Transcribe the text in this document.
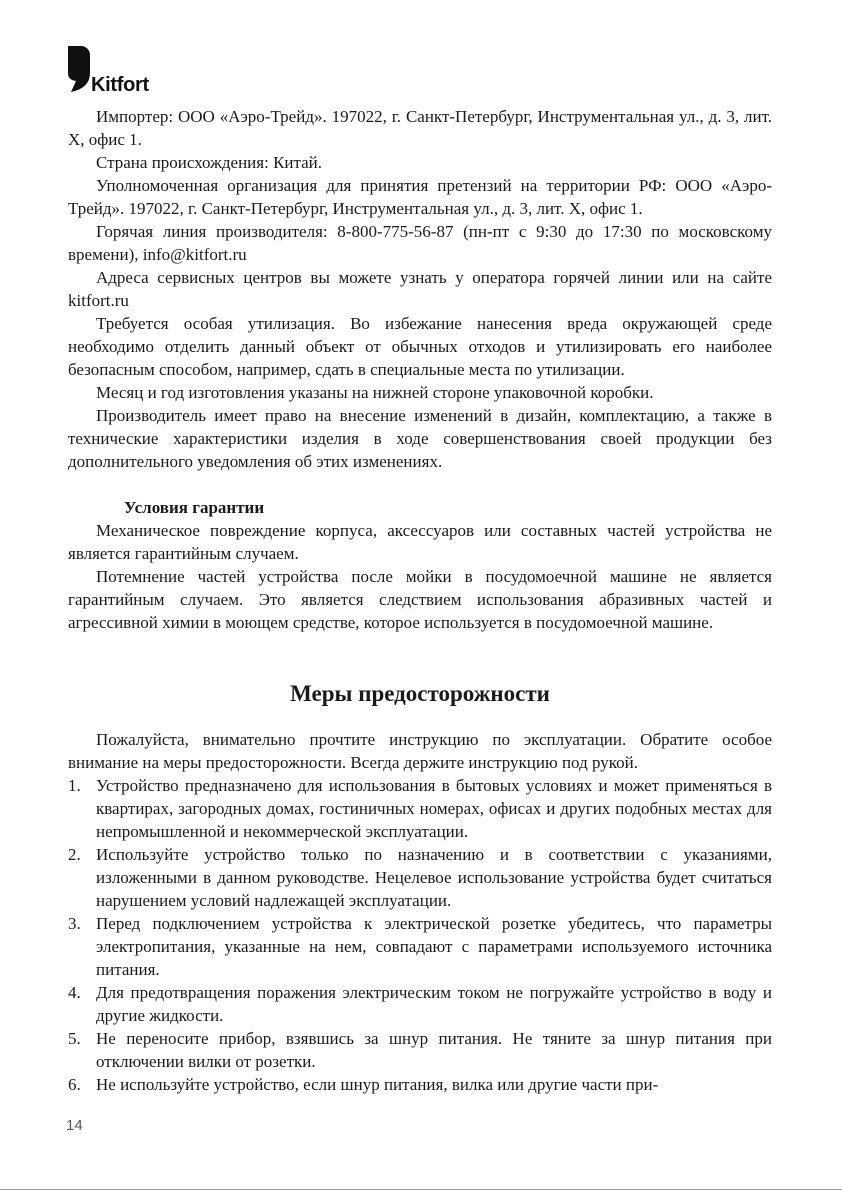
Kitfort

Импортер: ООО «Аэро-Трейд». 197022, г. Санкт-Петербург, Инструментальная ул., д. 3, лит. Х, офис 1.

Страна происхождения: Китай.

Уполномоченная организация для принятия претензий на территории РФ: ООО «Аэро-Трейд». 197022, г. Санкт-Петербург, Инструментальная ул., д. 3, лит. Х, офис 1.

Горячая линия производителя: 8-800-775-56-87 (пн-пт с 9:30 до 17:30 по московскому времени), info@kitfort.ru

Адреса сервисных центров вы можете узнать у оператора горячей линии или на сайте kitfort.ru

Требуется особая утилизация. Во избежание нанесения вреда окружающей среде необходимо отделить данный объект от обычных отходов и утилизировать его наиболее безопасным способом, например, сдать в специальные места по утилизации.

Месяц и год изготовления указаны на нижней стороне упаковочной коробки.

Производитель имеет право на внесение изменений в дизайн, комплектацию, а также в технические характеристики изделия в ходе совершенствования своей продукции без дополнительного уведомления об этих изменениях.

Условия гарантии

Механическое повреждение корпуса, аксессуаров или составных частей устройства не является гарантийным случаем.

Потемнение частей устройства после мойки в посудомоечной машине не является гарантийным случаем. Это является следствием использования абразивных частей и агрессивной химии в моющем средстве, которое используется в посудомоечной машине.

Меры предосторожности

Пожалуйста, внимательно прочтите инструкцию по эксплуатации. Обратите особое внимание на меры предосторожности. Всегда держите инструкцию под рукой.

1. Устройство предназначено для использования в бытовых условиях и может применяться в квартирах, загородных домах, гостиничных номерах, офисах и других подобных местах для непромышленной и некоммерческой эксплуатации.
2. Используйте устройство только по назначению и в соответствии с указаниями, изложенными в данном руководстве. Нецелевое использование устройства будет считаться нарушением условий надлежащей эксплуатации.
3. Перед подключением устройства к электрической розетке убедитесь, что параметры электропитания, указанные на нем, совпадают с параметрами используемого источника питания.
4. Для предотвращения поражения электрическим током не погружайте устройство в воду и другие жидкости.
5. Не переносите прибор, взявшись за шнур питания. Не тяните за шнур питания при отключении вилки от розетки.
6. Не используйте устройство, если шнур питания, вилка или другие части при-
14
